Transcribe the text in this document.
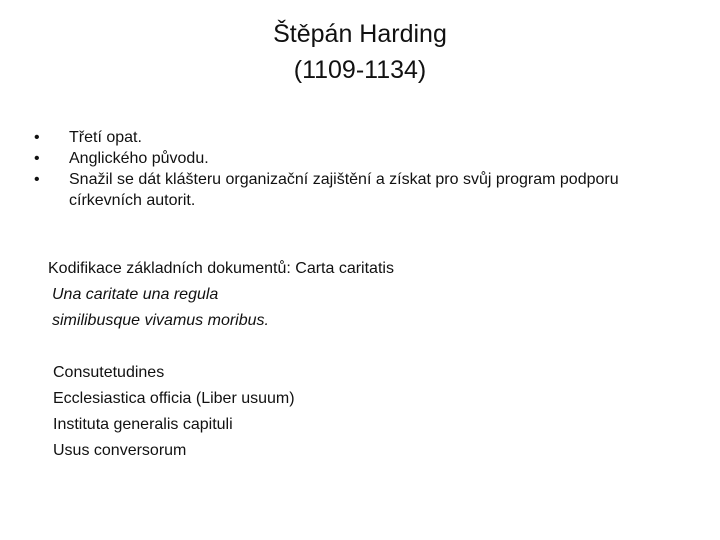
Štěpán Harding
(1109-1134)
•	Třetí opat.
•	Anglického původu.
•	Snažil se dát klášteru organizační zajištění a získat pro svůj program podporu církevních autorit.
Kodifikace základních dokumentů: Carta caritatis
Una caritate una regula
similibusque vivamus moribus.
Consutetudines
Ecclesiastica officia (Liber usuum)
Instituta generalis capituli
Usus conversorum
